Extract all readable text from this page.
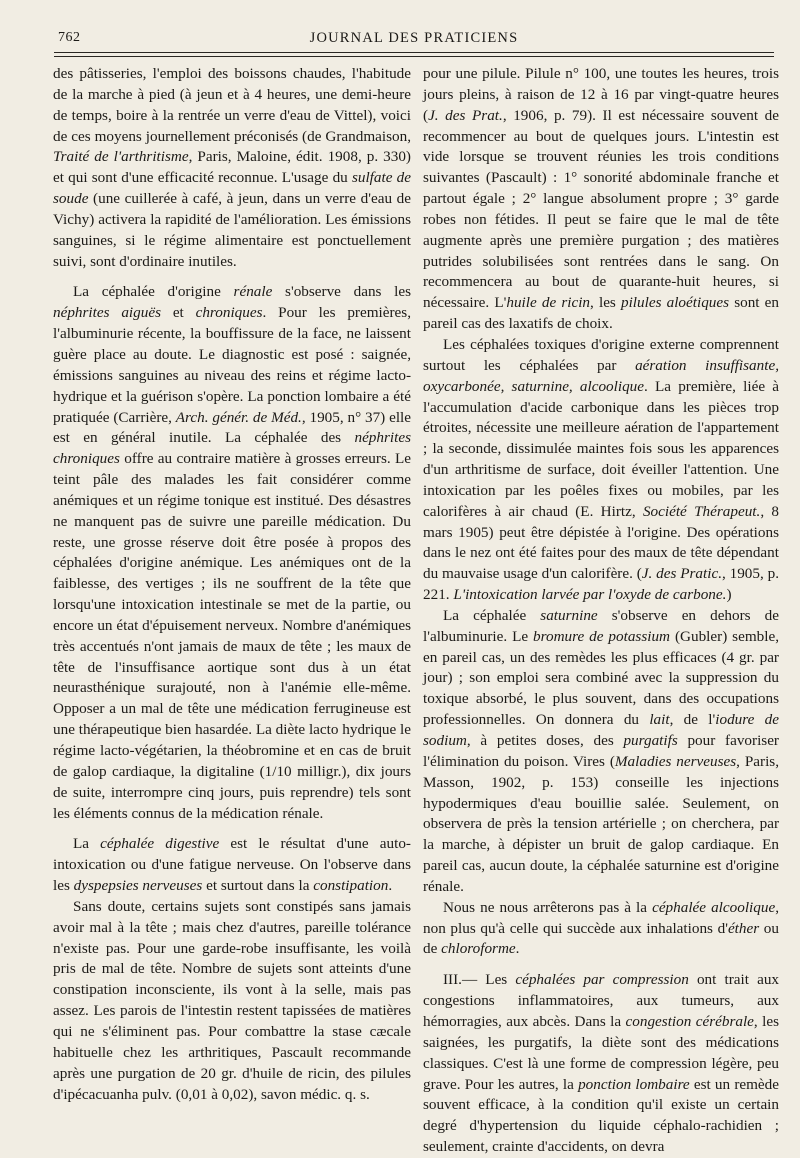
762	JOURNAL DES PRATICIENS

des pâtisseries, l'emploi des boissons chaudes, l'habitude de la marche à pied (à jeun et à 4 heures, une demi-heure de temps, boire à la rentrée un verre d'eau de Vittel), voici de ces moyens journellement préconisés (de Grandmaison, Traité de l'arthritisme, Paris, Maloine, édit. 1908, p. 330) et qui sont d'une efficacité reconnue. L'usage du sulfate de soude (une cuillerée à café, à jeun, dans un verre d'eau de Vichy) activera la rapidité de l'amélioration. Les émissions sanguines, si le régime alimentaire est ponctuellement suivi, sont d'ordinaire inutiles.

La céphalée d'origine rénale s'observe dans les néphrites aiguës et chroniques. Pour les premières, l'albuminurie récente, la bouffissure de la face, ne laissent guère place au doute. Le diagnostic est posé : saignée, émissions sanguines au niveau des reins et régime lacto-hydrique et la guérison s'opère. La ponction lombaire a été pratiquée (Carrière, Arch. génér. de Méd., 1905, n° 37) elle est en général inutile. La céphalée des néphrites chroniques offre au contraire matière à grosses erreurs. Le teint pâle des malades les fait considérer comme anémiques et un régime tonique est institué. Des désastres ne manquent pas de suivre une pareille médication. Du reste, une grosse réserve doit être posée à propos des céphalées d'origine anémique. Les anémiques ont de la faiblesse, des vertiges ; ils ne souffrent de la tête que lorsqu'une intoxication intestinale se met de la partie, ou encore un état d'épuisement nerveux. Nombre d'anémiques très accentués n'ont jamais de maux de tête ; les maux de tête de l'insuffisance aortique sont dus à un état neurasthénique surajouté, non à l'anémie elle-même. Opposer a un mal de tête une médication ferrugineuse est une thérapeutique bien hasardée. La diète lacto hydrique le régime lacto-végétarien, la théobromine et en cas de bruit de galop cardiaque, la digitaline (1/10 milligr.), dix jours de suite, interrompre cinq jours, puis reprendre) tels sont les éléments connus de la médication rénale.

La céphalée digestive est le résultat d'une auto-intoxication ou d'une fatigue nerveuse. On l'observe dans les dyspepsies nerveuses et surtout dans la constipation.

Sans doute, certains sujets sont constipés sans jamais avoir mal à la tête ; mais chez d'autres, pareille tolérance n'existe pas. Pour une garde-robe insuffisante, les voilà pris de mal de tête. Nombre de sujets sont atteints d'une constipation inconsciente, ils vont à la selle, mais pas assez. Les parois de l'intestin restent tapissées de matières qui ne s'éliminent pas. Pour combattre la stase cæcale habituelle chez les arthritiques, Pascault recommande après une purgation de 20 gr. d'huile de ricin, des pilules d'ipécacuanha pulv. (0,01 à 0,02), savon médic. q. s.

pour une pilule. Pilule n° 100, une toutes les heures, trois jours pleins, à raison de 12 à 16 par vingt-quatre heures (J. des Prat., 1906, p. 79). Il est nécessaire souvent de recommencer au bout de quelques jours. L'intestin est vide lorsque se trouvent réunies les trois conditions suivantes (Pascault) : 1° sonorité abdominale franche et partout égale ; 2° langue absolument propre ; 3° garde robes non fétides. Il peut se faire que le mal de tête augmente après une première purgation ; des matières putrides solubilisées sont rentrées dans le sang. On recommencera au bout de quarante-huit heures, si nécessaire. L'huile de ricin, les pilules aloétiques sont en pareil cas des laxatifs de choix.

Les céphalées toxiques d'origine externe comprennent surtout les céphalées par aération insuffisante, oxycarbonée, saturnine, alcoolique. La première, liée à l'accumulation d'acide carbonique dans les pièces trop étroites, nécessite une meilleure aération de l'appartement ; la seconde, dissimulée maintes fois sous les apparences d'un arthritisme de surface, doit éveiller l'attention. Une intoxication par les poêles fixes ou mobiles, par les calorifères à air chaud (E. Hirtz, Société Thérapeut., 8 mars 1905) peut être dépistée à l'origine. Des opérations dans le nez ont été faites pour des maux de tête dépendant du mauvaise usage d'un calorifère. (J. des Pratic., 1905, p. 221. L'intoxication larvée par l'oxyde de carbone.)

La céphalée saturnine s'observe en dehors de l'albuminurie. Le bromure de potassium (Gubler) semble, en pareil cas, un des remèdes les plus efficaces (4 gr. par jour) ; son emploi sera combiné avec la suppression du toxique absorbé, le plus souvent, dans des occupations professionnelles. On donnera du lait, de l'iodure de sodium, à petites doses, des purgatifs pour favoriser l'élimination du poison. Vires (Maladies nerveuses, Paris, Masson, 1902, p. 153) conseille les injections hypodermiques d'eau bouillie salée. Seulement, on observera de près la tension artérielle ; on cherchera, par la marche, à dépister un bruit de galop cardiaque. En pareil cas, aucun doute, la céphalée saturnine est d'origine rénale.

Nous ne nous arrêterons pas à la céphalée alcoolique, non plus qu'à celle qui succède aux inhalations d'éther ou de chloroforme.

III.— Les céphalées par compression ont trait aux congestions inflammatoires, aux tumeurs, aux hémorragies, aux abcès. Dans la congestion cérébrale, les saignées, les purgatifs, la diète sont des médications classiques. C'est là une forme de compression légère, peu grave. Pour les autres, la ponction lombaire est un remède souvent efficace, à la condition qu'il existe un certain degré d'hypertension du liquide céphalo-rachidien ; seulement, crainte d'accidents, on devra
